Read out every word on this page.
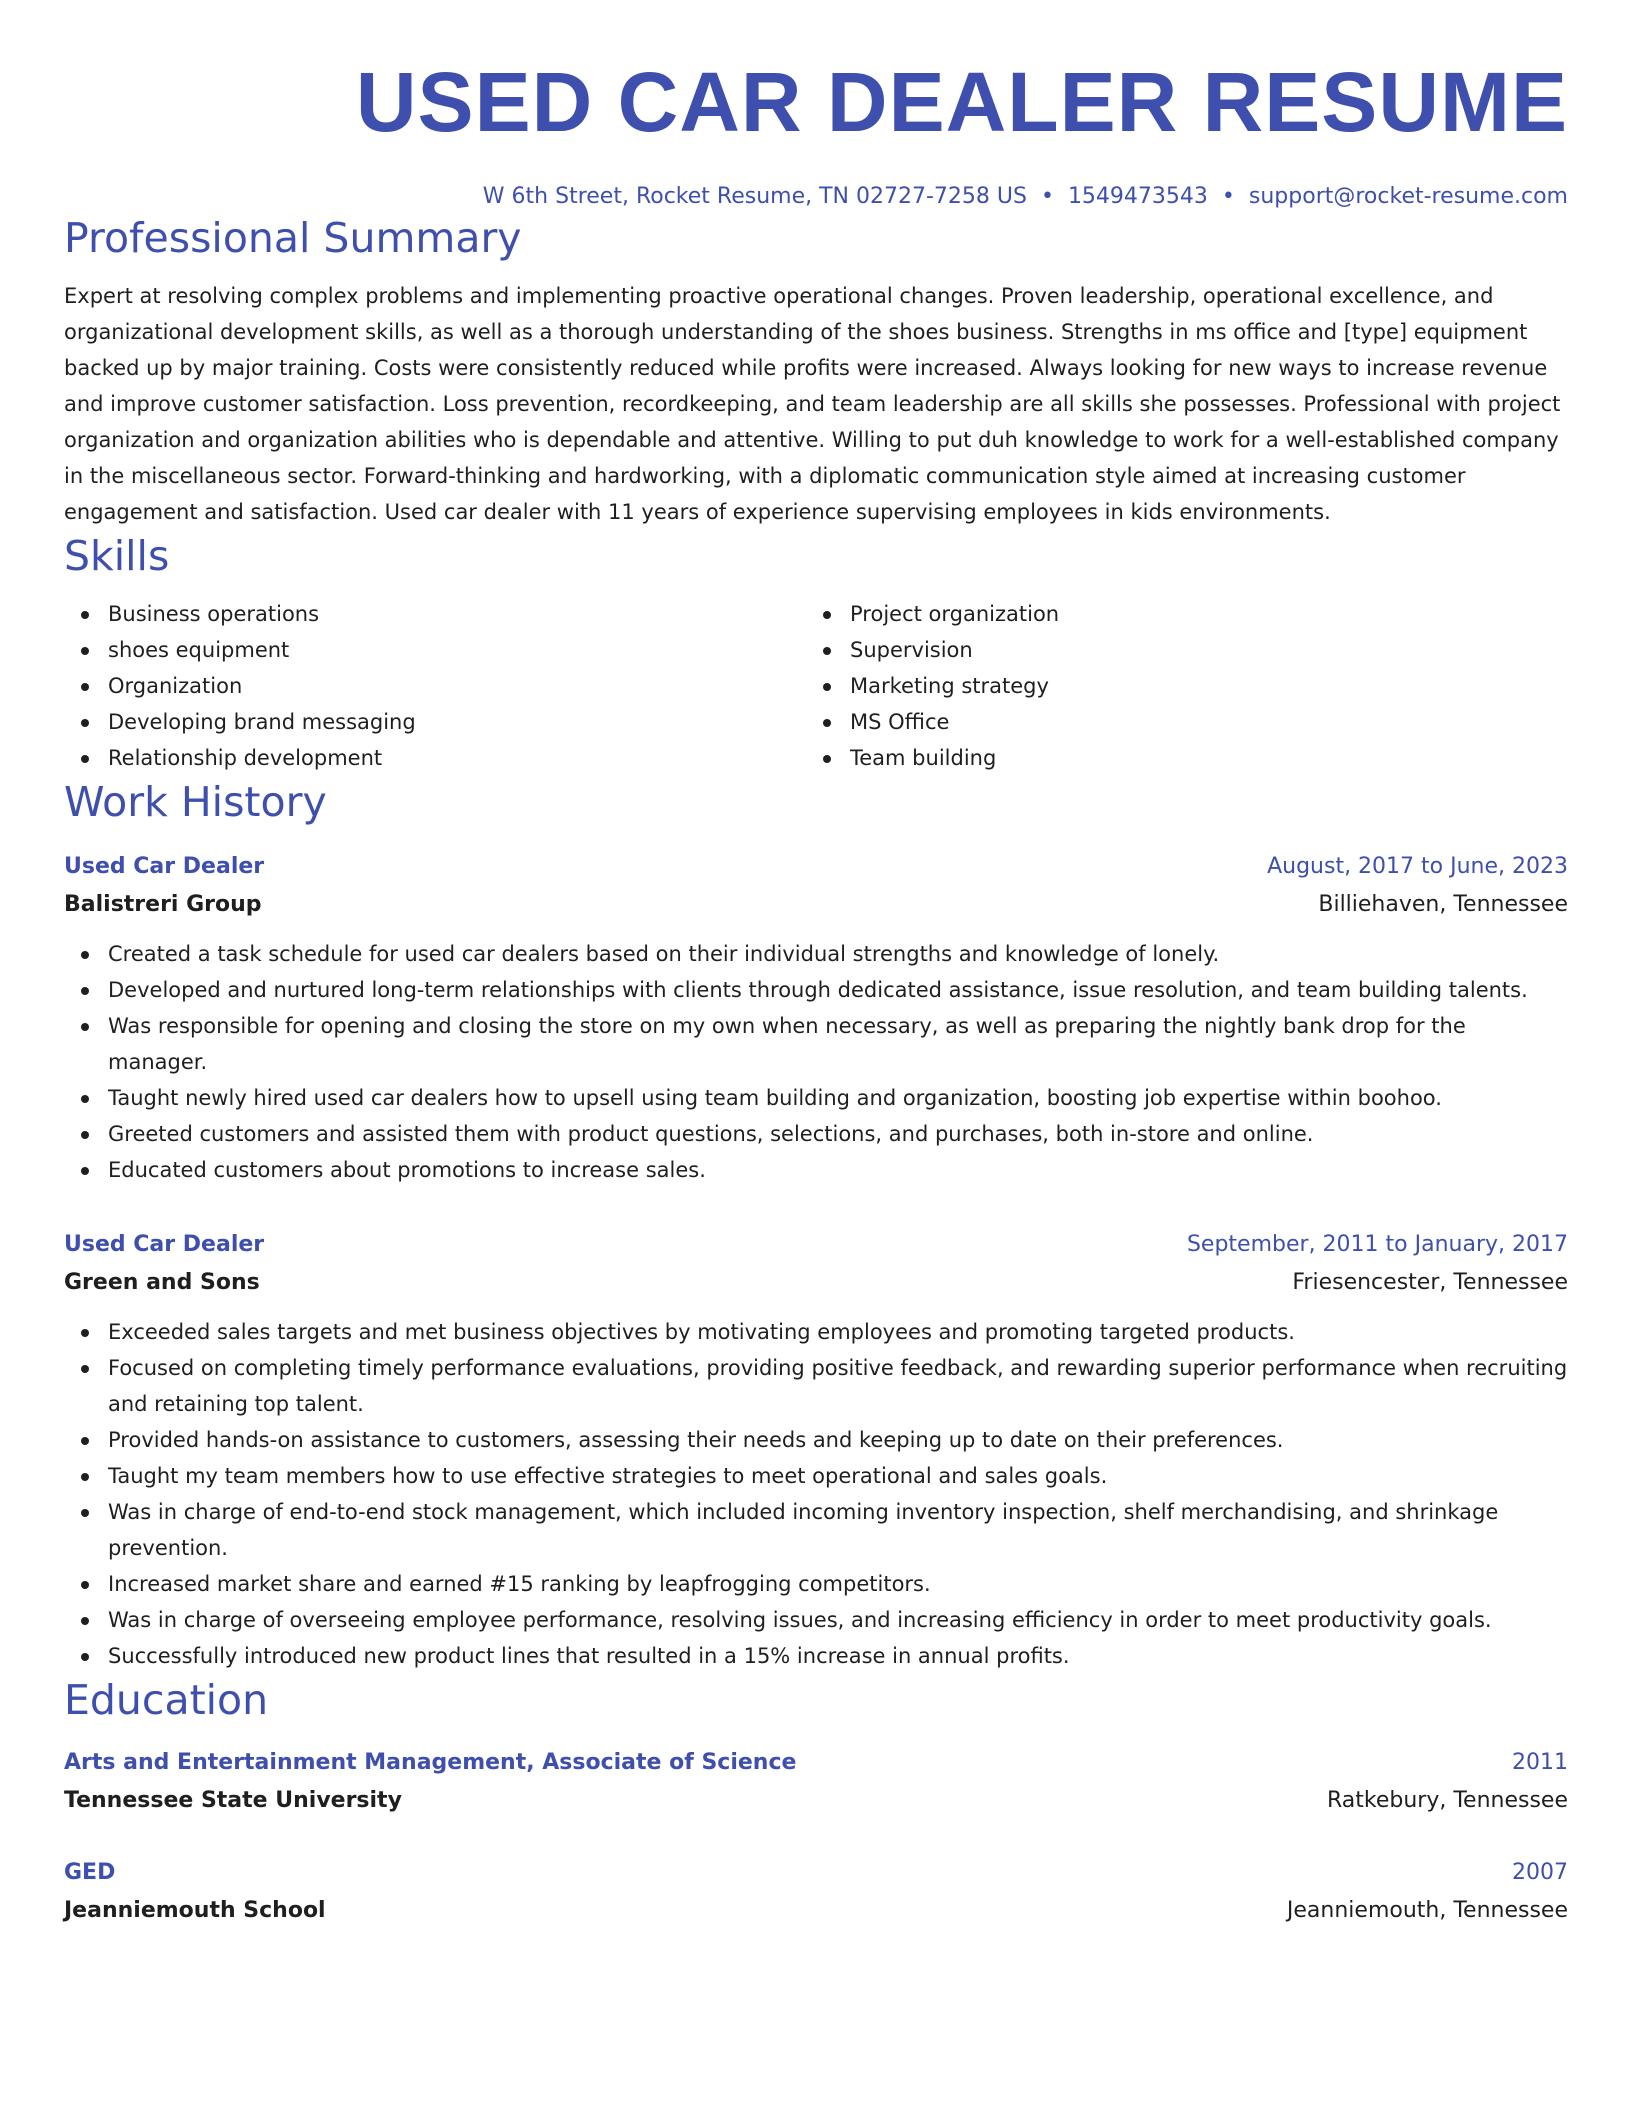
USED CAR DEALER RESUME
W 6th Street, Rocket Resume, TN 02727-7258 US • 1549473543 • support@rocket-resume.com
Professional Summary

Expert at resolving complex problems and implementing proactive operational changes. Proven leadership, operational excellence, and organizational development skills, as well as a thorough understanding of the shoes business. Strengths in ms office and [type] equipment backed up by major training. Costs were consistently reduced while profits were increased. Always looking for new ways to increase revenue and improve customer satisfaction. Loss prevention, recordkeeping, and team leadership are all skills she possesses. Professional with project organization and organization abilities who is dependable and attentive. Willing to put duh knowledge to work for a well-established company in the miscellaneous sector. Forward-thinking and hardworking, with a diplomatic communication style aimed at increasing customer engagement and satisfaction. Used car dealer with 11 years of experience supervising employees in kids environments.

Skills
Business operations
shoes equipment
Organization
Developing brand messaging
Relationship development
Project organization
Supervision
Marketing strategy
MS Office
Team building
Work History
Used Car Dealer	August, 2017 to June, 2023
Balistreri Group	Billiehaven, Tennessee
Created a task schedule for used car dealers based on their individual strengths and knowledge of lonely.
Developed and nurtured long-term relationships with clients through dedicated assistance, issue resolution, and team building talents.
Was responsible for opening and closing the store on my own when necessary, as well as preparing the nightly bank drop for the manager.
Taught newly hired used car dealers how to upsell using team building and organization, boosting job expertise within boohoo.
Greeted customers and assisted them with product questions, selections, and purchases, both in-store and online.
Educated customers about promotions to increase sales.
Used Car Dealer	September, 2011 to January, 2017
Green and Sons	Friesencester, Tennessee
Exceeded sales targets and met business objectives by motivating employees and promoting targeted products.
Focused on completing timely performance evaluations, providing positive feedback, and rewarding superior performance when recruiting and retaining top talent.
Provided hands-on assistance to customers, assessing their needs and keeping up to date on their preferences.
Taught my team members how to use effective strategies to meet operational and sales goals.
Was in charge of end-to-end stock management, which included incoming inventory inspection, shelf merchandising, and shrinkage prevention.
Increased market share and earned #15 ranking by leapfrogging competitors.
Was in charge of overseeing employee performance, resolving issues, and increasing efficiency in order to meet productivity goals.
Successfully introduced new product lines that resulted in a 15% increase in annual profits.
Education
Arts and Entertainment Management, Associate of Science	2011
Tennessee State University	Ratkebury, Tennessee
GED	2007
Jeanniemouth School	Jeanniemouth, Tennessee
